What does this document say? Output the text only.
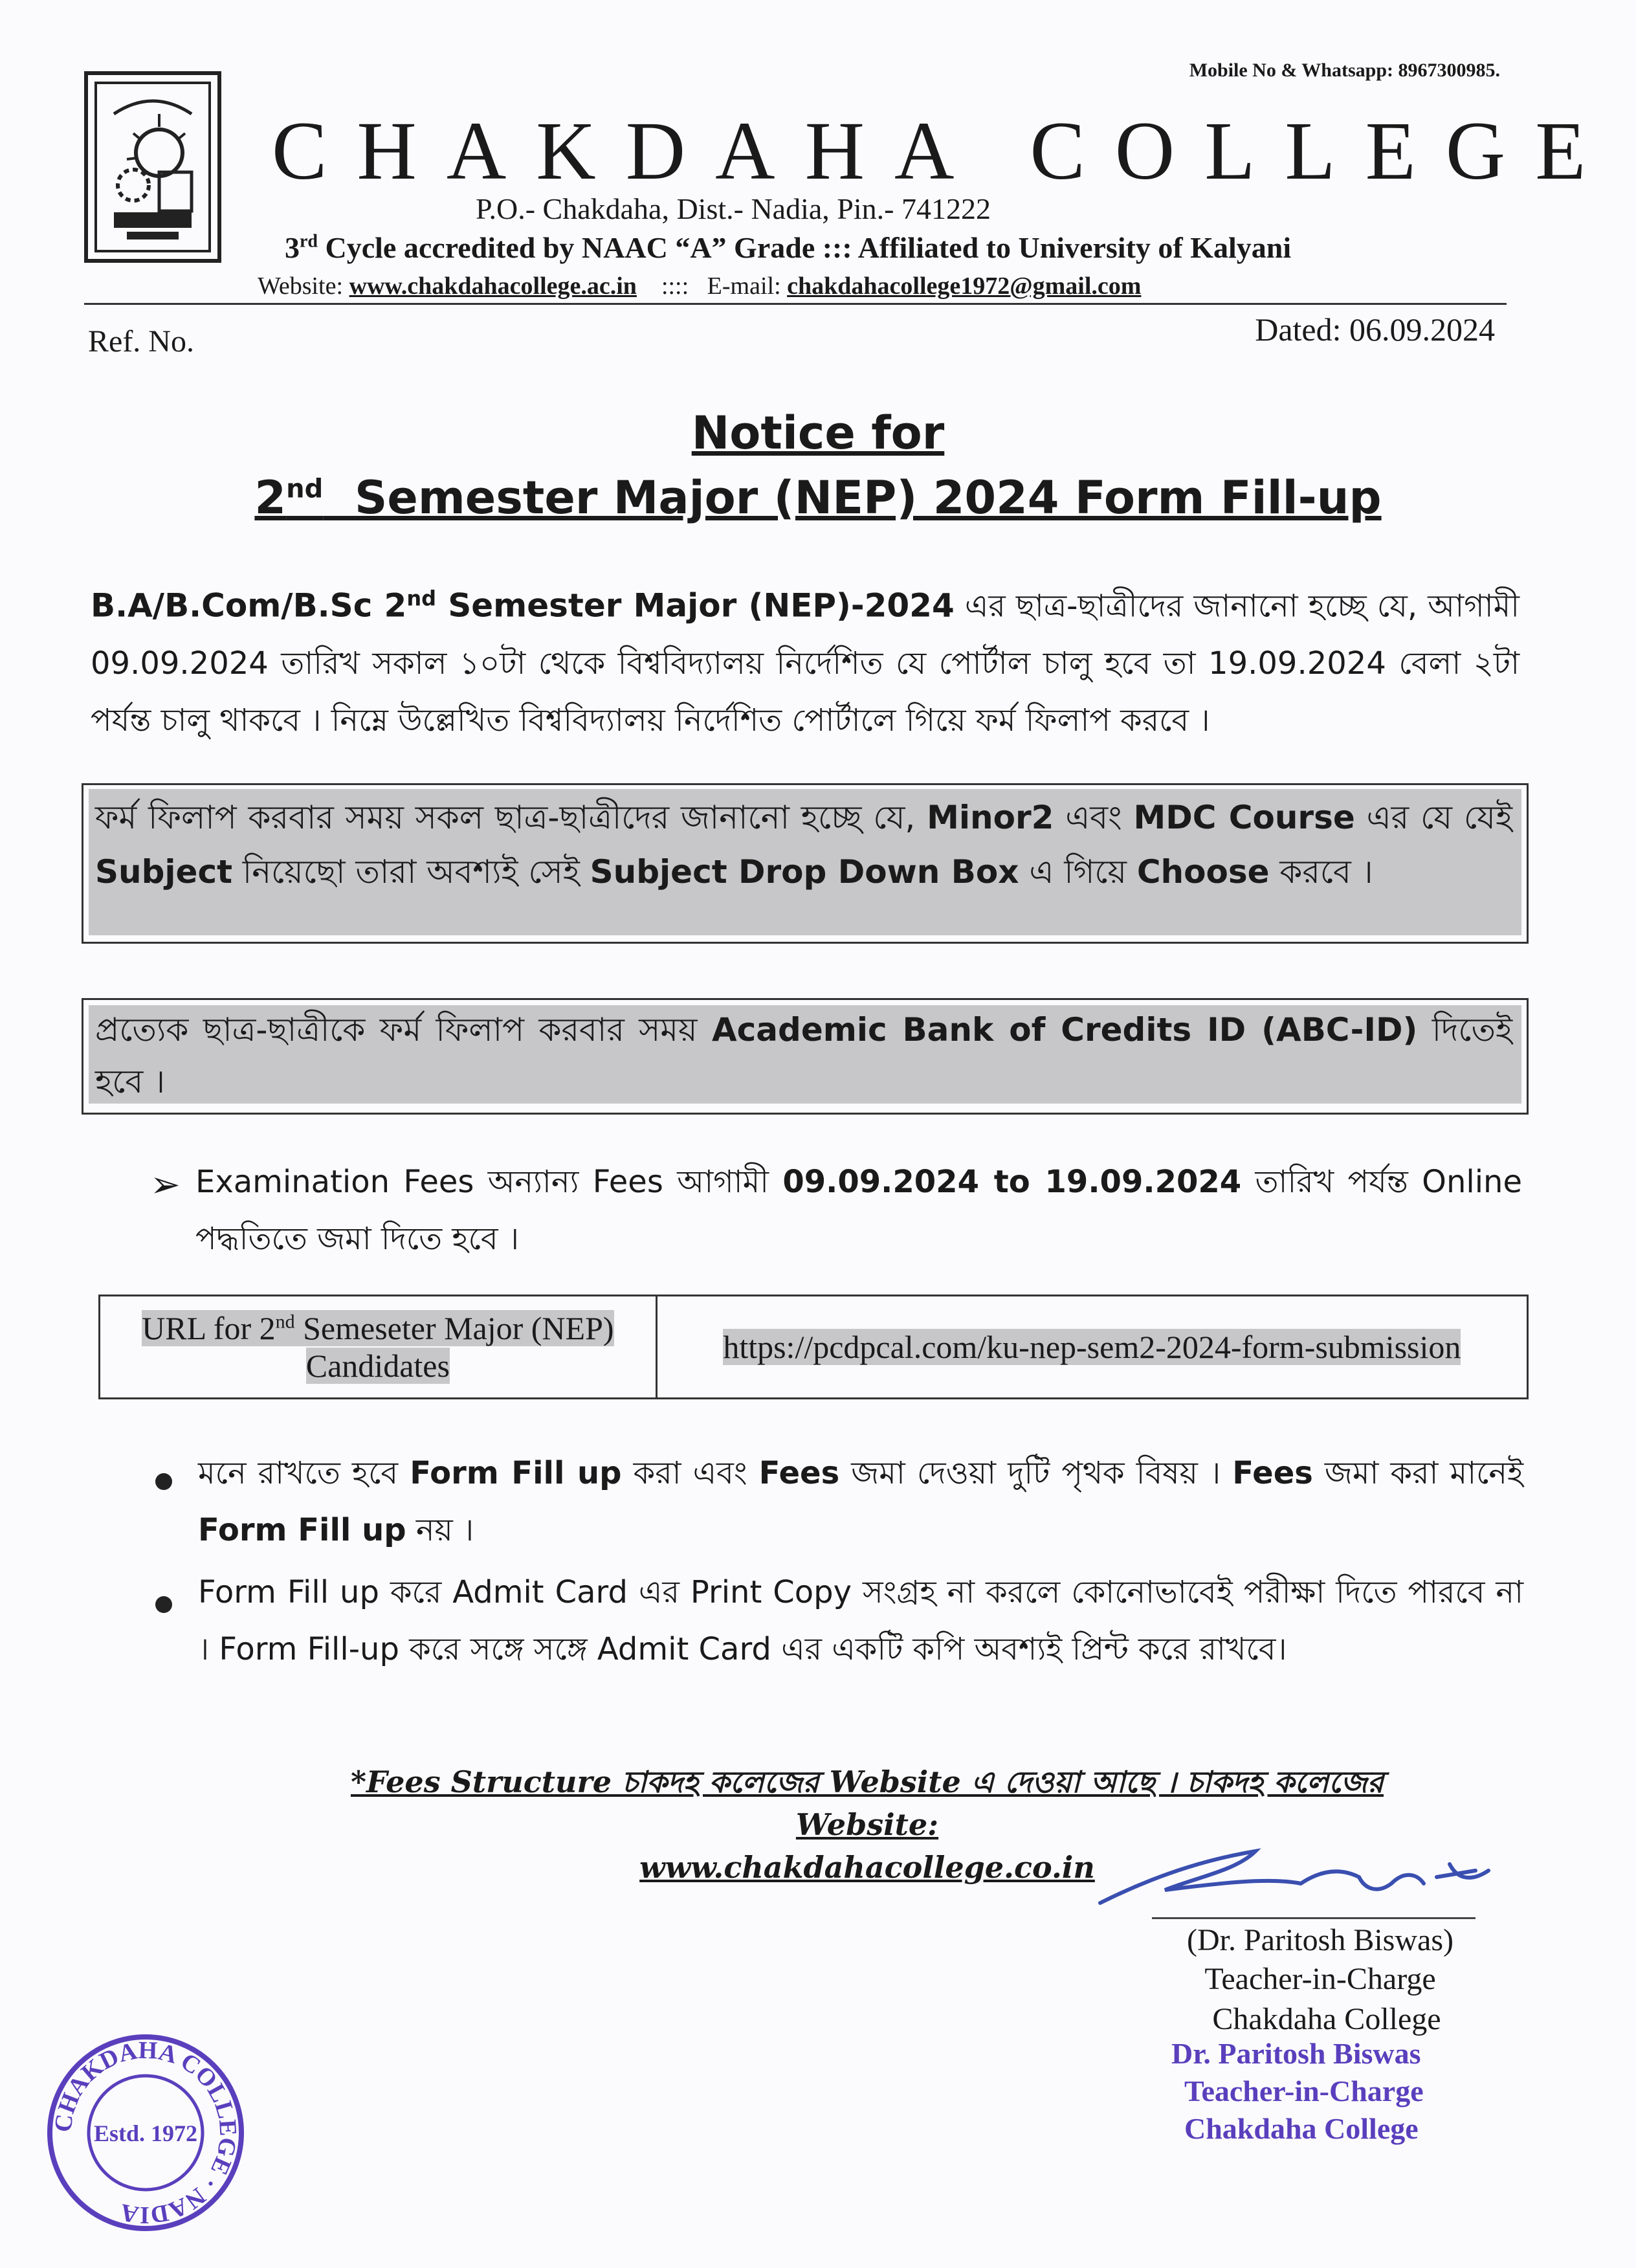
Mobile No & Whatsapp: 8967300985.
CHAKDAHA COLLEGE
P.O.- Chakdaha, Dist.- Nadia, Pin.- 741222
3rd Cycle accredited by NAAC “A” Grade ::: Affiliated to University of Kalyani
Website: www.chakdahacollege.ac.in    ::::   E-mail: chakdahacollege1972@gmail.com
Ref. No.	Dated: 06.09.2024
Notice for
2nd  Semester Major (NEP) 2024 Form Fill-up
B.A/B.Com/B.Sc 2nd Semester Major (NEP)-2024 এর ছাত্র-ছাত্রীদের জানানো হচ্ছে যে, আগামী 09.09.2024 তারিখ সকাল ১০টা থেকে বিশ্ববিদ্যালয় নির্দেশিত যে পোর্টাল চালু হবে তা 19.09.2024 বেলা ২টা পর্যন্ত চালু থাকবে । নিম্নে উল্লেখিত বিশ্ববিদ্যালয় নির্দেশিত পোর্টালে গিয়ে ফর্ম ফিলাপ করবে ।
ফর্ম ফিলাপ করবার সময় সকল ছাত্র-ছাত্রীদের জানানো হচ্ছে যে, Minor2 এবং MDC Course এর যে যেই Subject নিয়েছো তারা অবশ্যই সেই Subject Drop Down Box এ গিয়ে Choose করবে ।
প্রত্যেক ছাত্র-ছাত্রীকে ফর্ম ফিলাপ করবার সময় Academic Bank of Credits ID (ABC-ID) দিতেই হবে ।
➢ Examination Fees অন্যান্য Fees আগামী 09.09.2024 to 19.09.2024 তারিখ পর্যন্ত Online পদ্ধতিতে জমা দিতে হবে ।
URL for 2nd Semeseter Major (NEP) Candidates	https://pcdpcal.com/ku-nep-sem2-2024-form-submission
মনে রাখতে হবে Form Fill up করা এবং Fees জমা দেওয়া দুটি পৃথক বিষয় । Fees জমা করা মানেই Form Fill up নয় ।
Form Fill up করে Admit Card এর Print Copy সংগ্রহ না করলে কোনোভাবেই পরীক্ষা দিতে পারবে না । Form Fill-up করে সঙ্গে সঙ্গে Admit Card এর একটি কপি অবশ্যই প্রিন্ট করে রাখবে।
*Fees Structure চাকদহ কলেজের Website এ দেওয়া আছে । চাকদহ কলেজের Website:
www.chakdahacollege.co.in
(Dr. Paritosh Biswas)
Teacher-in-Charge
Chakdaha College
Dr. Paritosh Biswas
Teacher-in-Charge
Chakdaha College
CHAKDAHA COLLEGE · NADIA
Estd. 1972
